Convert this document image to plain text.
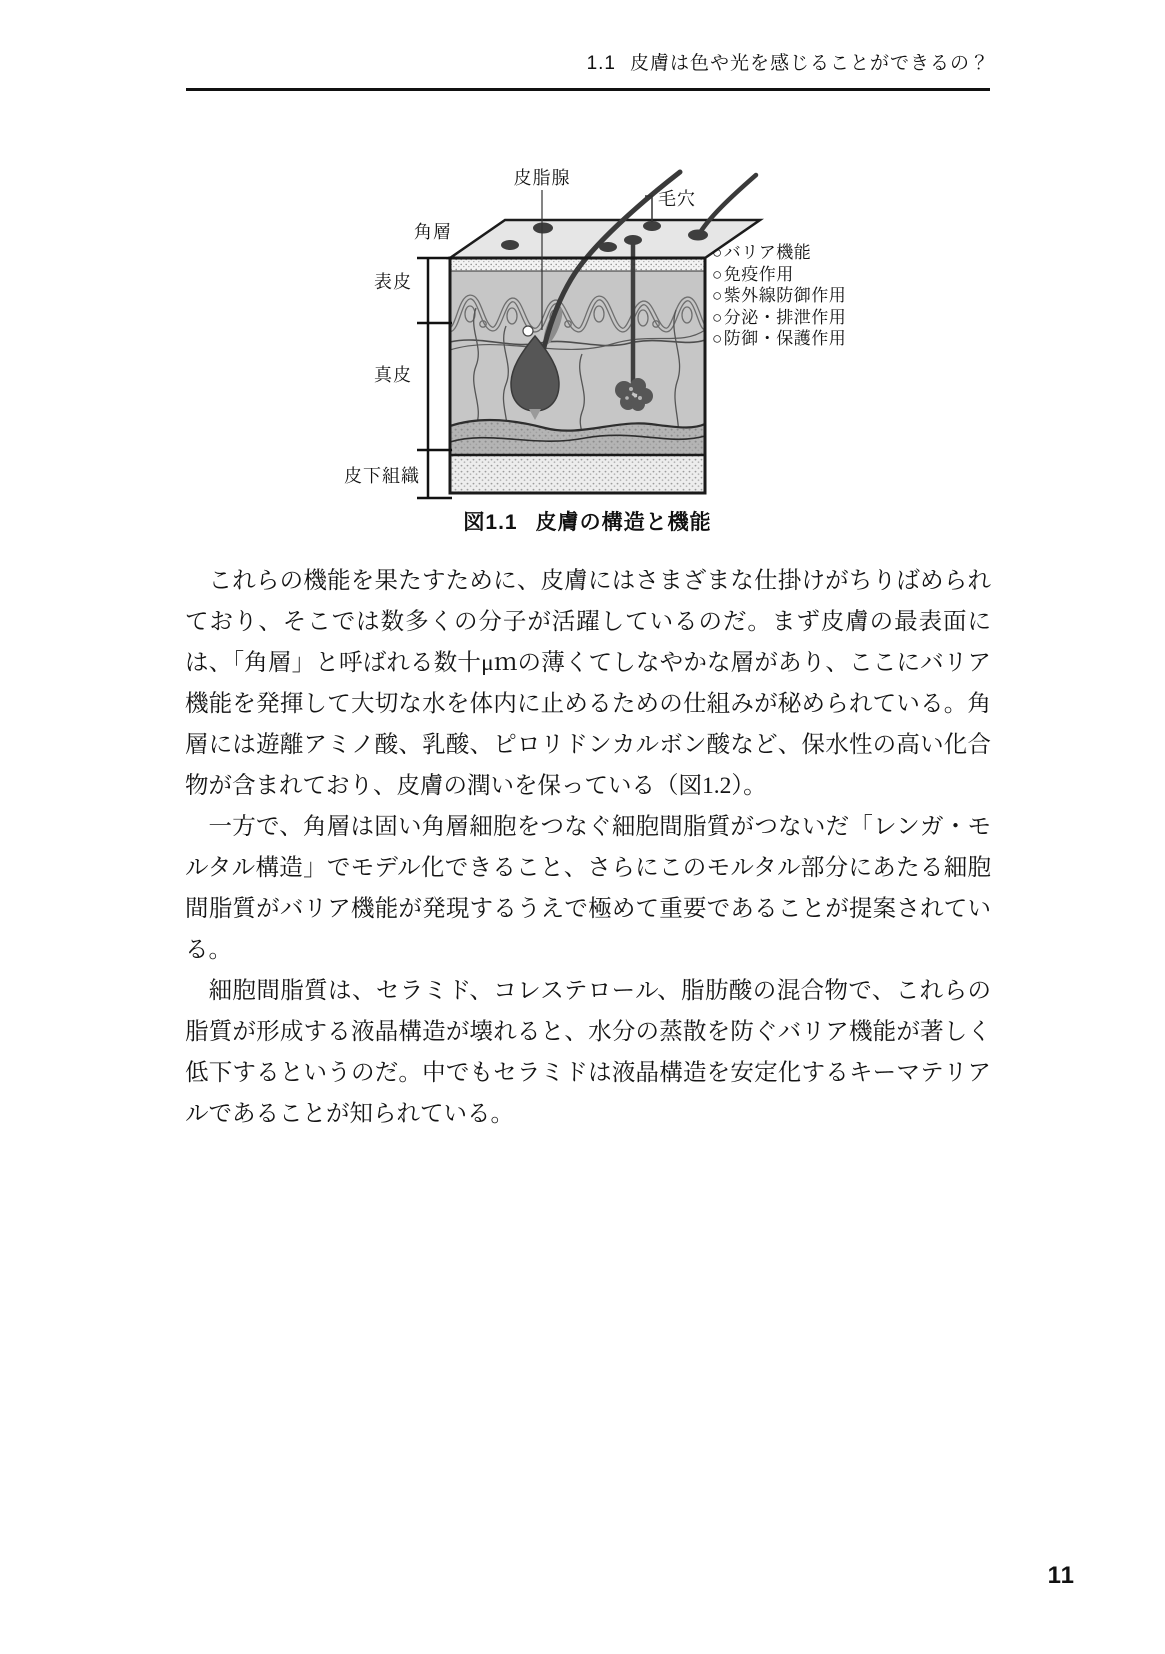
1.1 皮膚は色や光を感じることができるの？
皮脂腺
毛穴
角層
表皮
真皮
皮下組織
○バリア機能
○免疫作用
○紫外線防御作用
○分泌・排泄作用
○防御・保護作用
図1.1 皮膚の構造と機能

これらの機能を果たすために、皮膚にはさまざまな仕掛けがちりばめられており、そこでは数多くの分子が活躍しているのだ。まず皮膚の最表面には、「角層」と呼ばれる数十μｍの薄くてしなやかな層があり、ここにバリア機能を発揮して大切な水を体内に止めるための仕組みが秘められている。角層には遊離アミノ酸、乳酸、ピロリドンカルボン酸など、保水性の高い化合物が含まれており、皮膚の潤いを保っている（図1.2）。

一方で、角層は固い角層細胞をつなぐ細胞間脂質がつないだ「レンガ・モルタル構造」でモデル化できること、さらにこのモルタル部分にあたる細胞間脂質がバリア機能が発現するうえで極めて重要であることが提案されている。

細胞間脂質は、セラミド、コレステロール、脂肪酸の混合物で、これらの脂質が形成する液晶構造が壊れると、水分の蒸散を防ぐバリア機能が著しく低下するというのだ。中でもセラミドは液晶構造を安定化するキーマテリアルであることが知られている。

11
